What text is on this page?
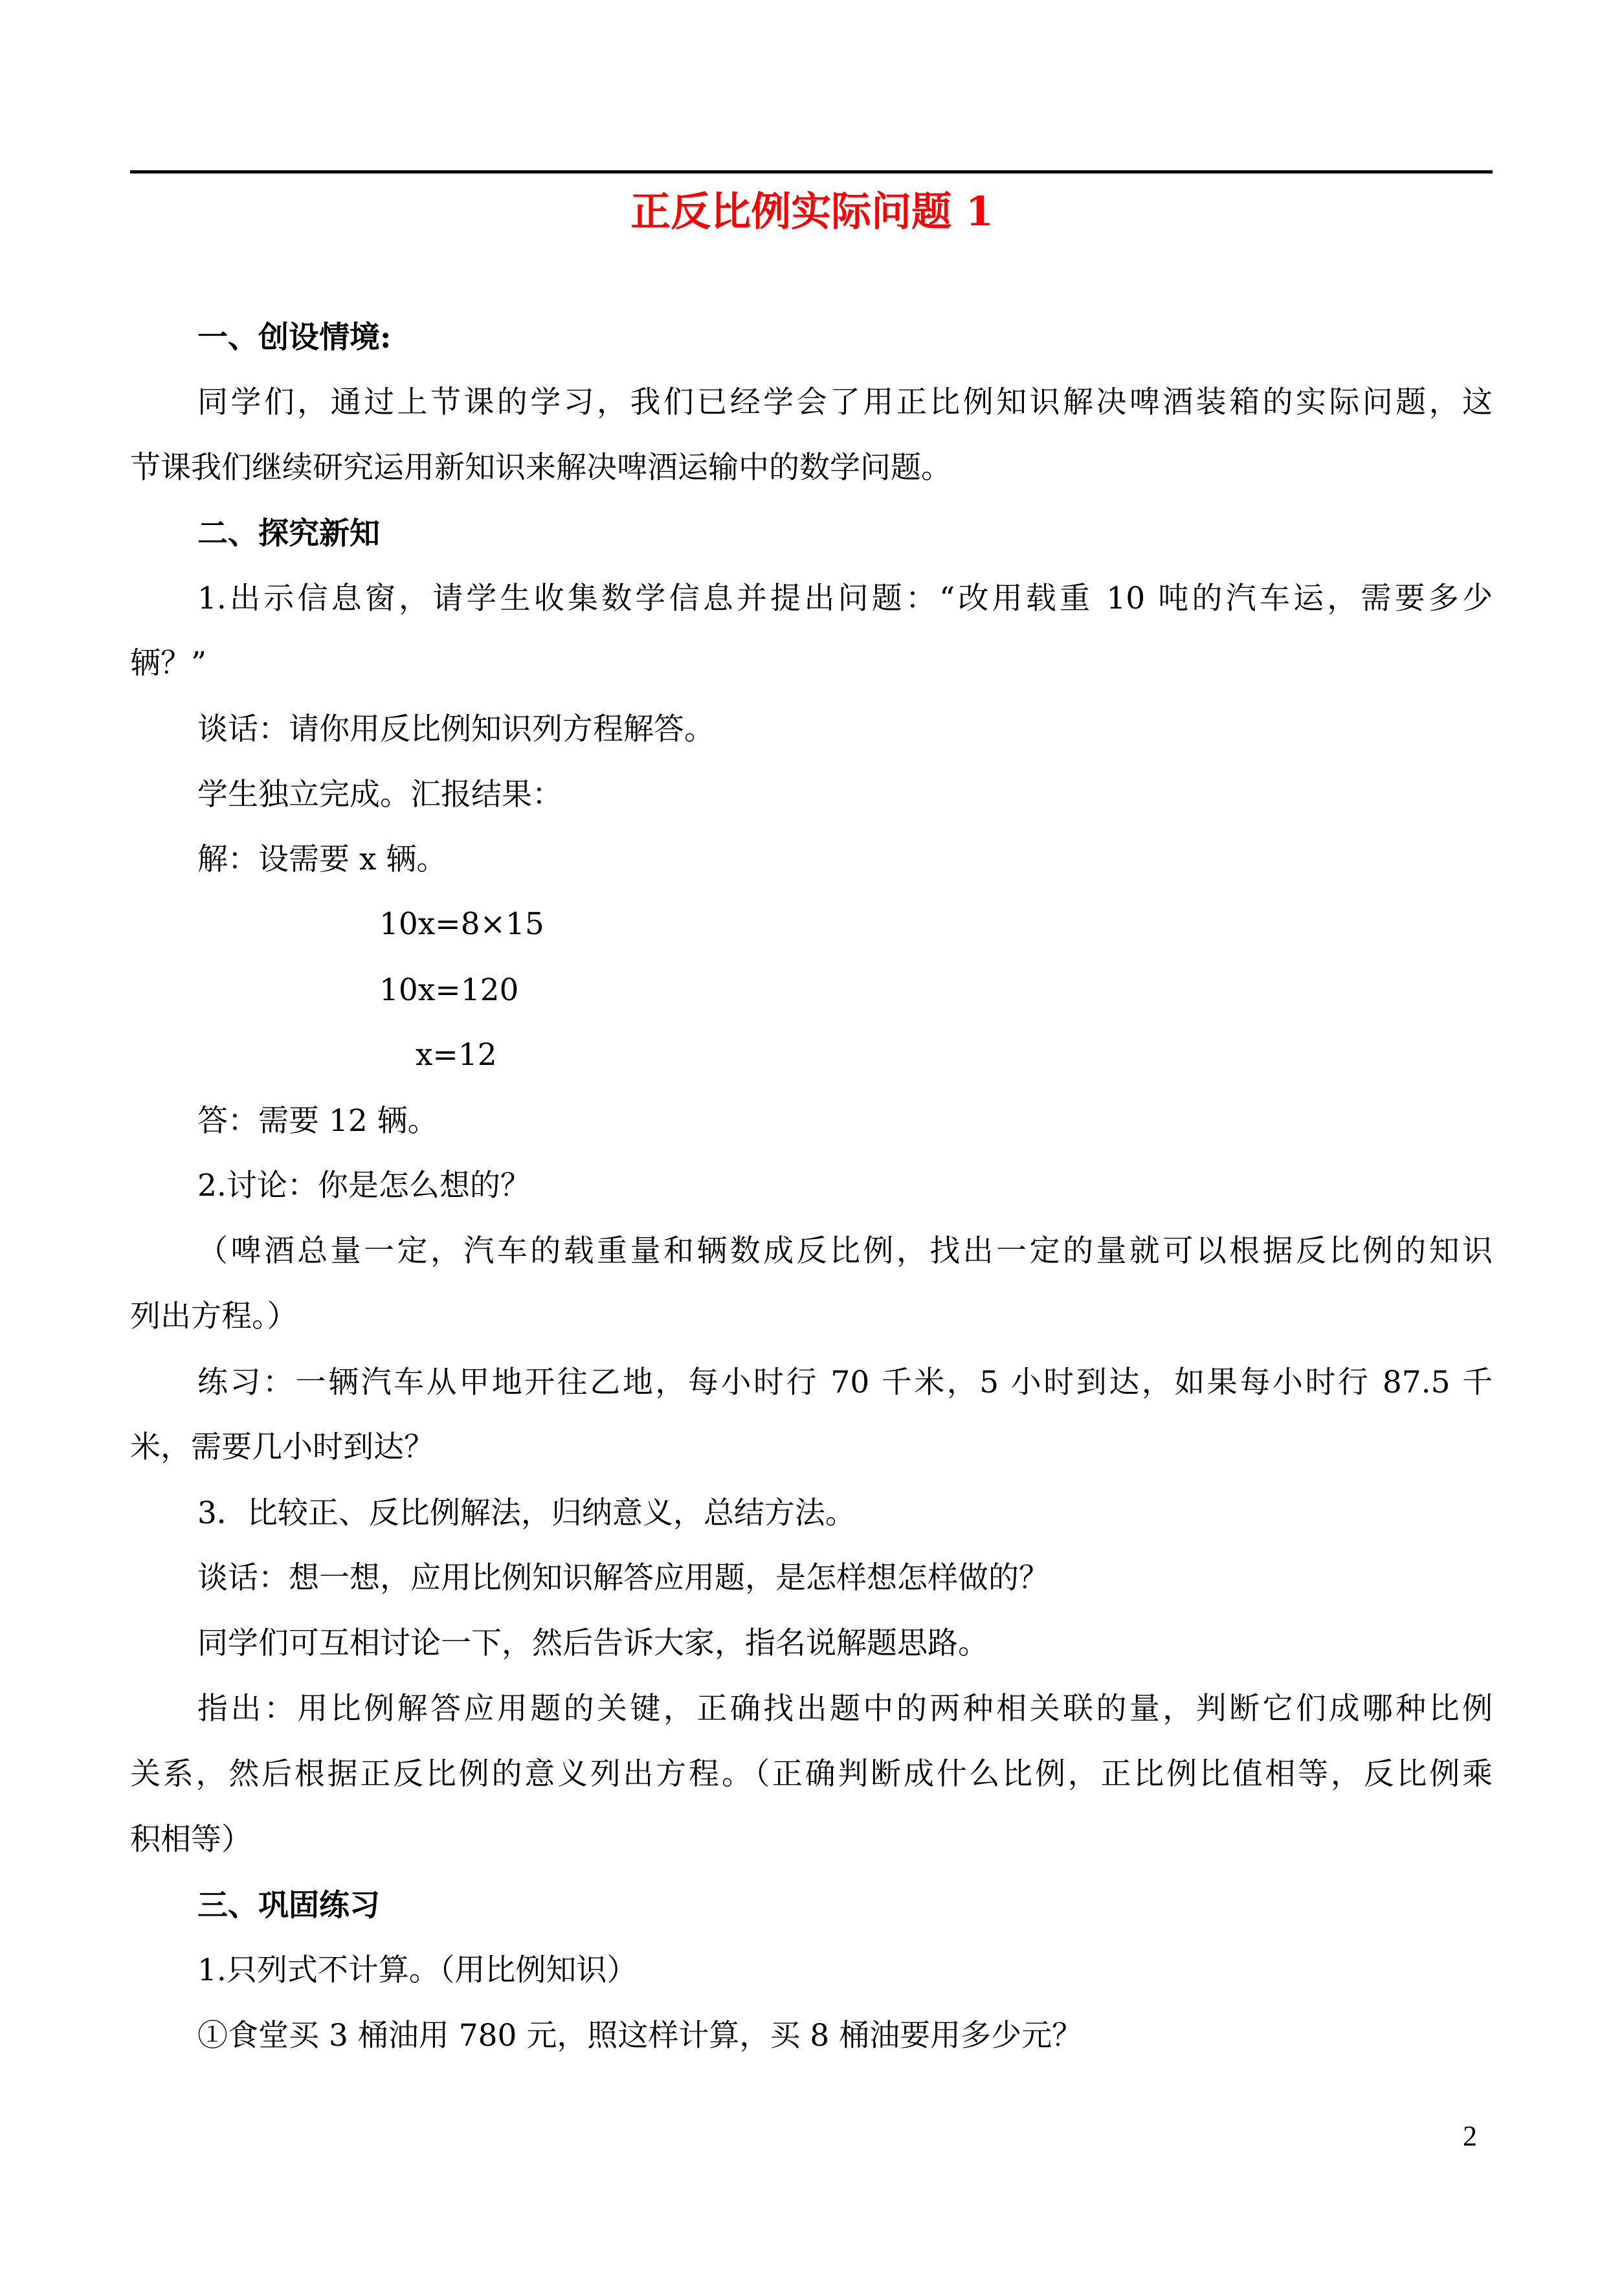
正反比例实际问题 1

一、创设情境:

同学们，通过上节课的学习，我们已经学会了用正比例知识解决啤酒装箱的实际问题，这

节课我们继续研究运用新知识来解决啤酒运输中的数学问题。

二、探究新知

1.出示信息窗，请学生收集数学信息并提出问题：“改用载重 10 吨的汽车运，需要多少

辆？”

谈话：请你用反比例知识列方程解答。

学生独立完成。汇报结果：

解：设需要 x 辆。

10x=8×15

10x=120

x=12

答：需要 12 辆。

2.讨论：你是怎么想的？

（啤酒总量一定，汽车的载重量和辆数成反比例，找出一定的量就可以根据反比例的知识

列出方程。）

练习：一辆汽车从甲地开往乙地，每小时行 70 千米，5 小时到达，如果每小时行 87.5 千

米，需要几小时到达？

3．比较正、反比例解法，归纳意义，总结方法。

谈话：想一想，应用比例知识解答应用题，是怎样想怎样做的？

同学们可互相讨论一下，然后告诉大家，指名说解题思路。

指出：用比例解答应用题的关键，正确找出题中的两种相关联的量，判断它们成哪种比例

关系，然后根据正反比例的意义列出方程。（正确判断成什么比例，正比例比值相等，反比例乘

积相等）

三、巩固练习

1.只列式不计算。（用比例知识）

①食堂买 3 桶油用 780 元，照这样计算，买 8 桶油要用多少元？

2
